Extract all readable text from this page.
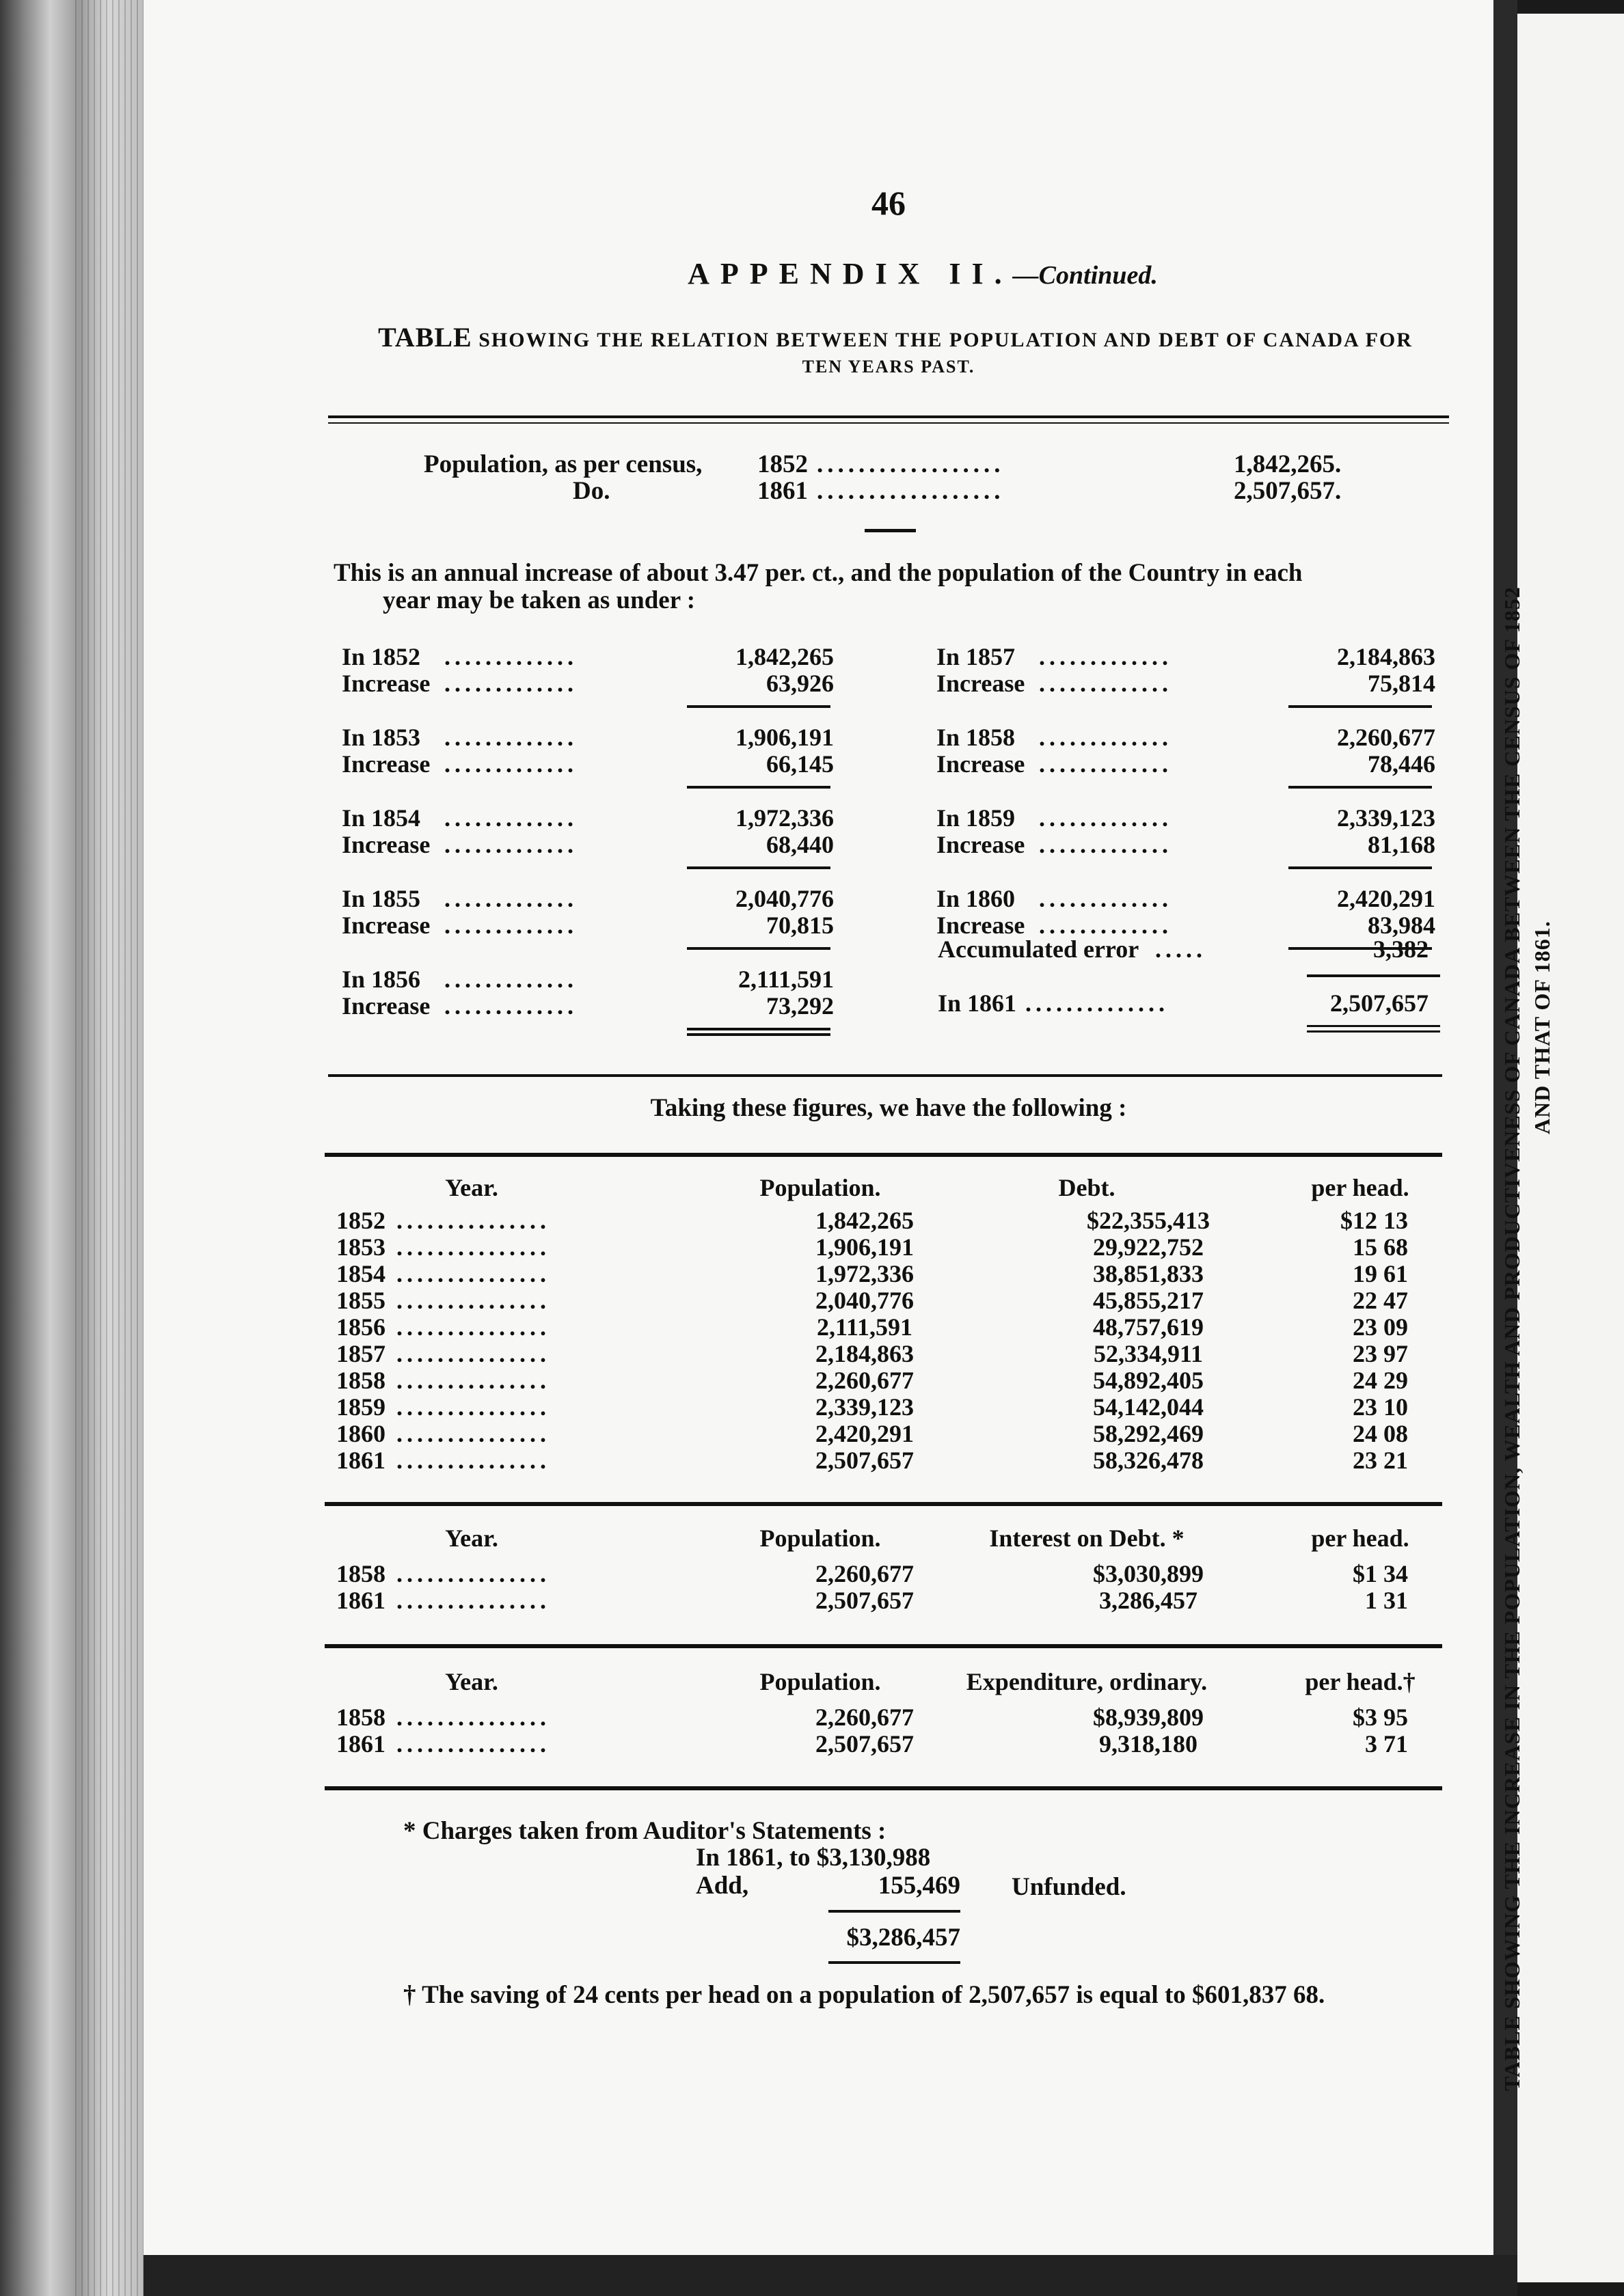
46
APPENDIX II.—Continued.
TABLE SHOWING THE RELATION BETWEEN THE POPULATION AND DEBT OF CANADA FOR
TEN YEARS PAST.
Population, as per census, 1852 ..................	1,842,265.
Do.	1861 ..................	2,507,657.
This is an annual increase of about 3.47 per. ct., and the population of the Country in each
year may be taken as under :
In 1852 .............	1,842,265
Increase .............	63,926
In 1853 .............	1,906,191
Increase .............	66,145
In 1854 .............	1,972,336
Increase .............	68,440
In 1855 .............	2,040,776
Increase .............	70,815
In 1856 .............	2,111,591
Increase .............	73,292
In 1857 .............	2,184,863
Increase .............	75,814
In 1858 .............	2,260,677
Increase .............	78,446
In 1859 .............	2,339,123
Increase .............	81,168
In 1860 .............	2,420,291
Increase .............	83,984
Accumulated error .....	3,382
In 1861 ..............	2,507,657
Taking these figures, we have the following :
Year.	Population.	Debt.	per head.
1852 ...............	1,842,265	$22,355,413	$12 13
1853 ...............	1,906,191	29,922,752	15 68
1854 ...............	1,972,336	38,851,833	19 61
1855 ...............	2,040,776	45,855,217	22 47
1856 ...............	2,111,591	48,757,619	23 09
1857 ...............	2,184,863	52,334,911	23 97
1858 ...............	2,260,677	54,892,405	24 29
1859 ...............	2,339,123	54,142,044	23 10
1860 ...............	2,420,291	58,292,469	24 08
1861 ...............	2,507,657	58,326,478	23 21
Year.	Population.	Interest on Debt. *	per head.
1858 ...............	2,260,677	$3,030,899	$1 34
1861 ...............	2,507,657	3,286,457	1 31
Year.	Population.	Expenditure, ordinary.	per head.†
1858 ...............	2,260,677	$8,939,809	$3 95
1861 ...............	2,507,657	9,318,180	3 71
* Charges taken from Auditor's Statements :
In 1861, to $3,130,988
Add,	155,469 Unfunded.
$3,286,457
† The saving of 24 cents per head on a population of 2,507,657 is equal to $601,837 68.	TABLE SHOWING THE INCREASE IN THE POPULATION, WEALTH AND PRODUCTIVENESS OF CANADA BETWEEN THE CENSUS OF 1852 AND THAT OF 1861.
